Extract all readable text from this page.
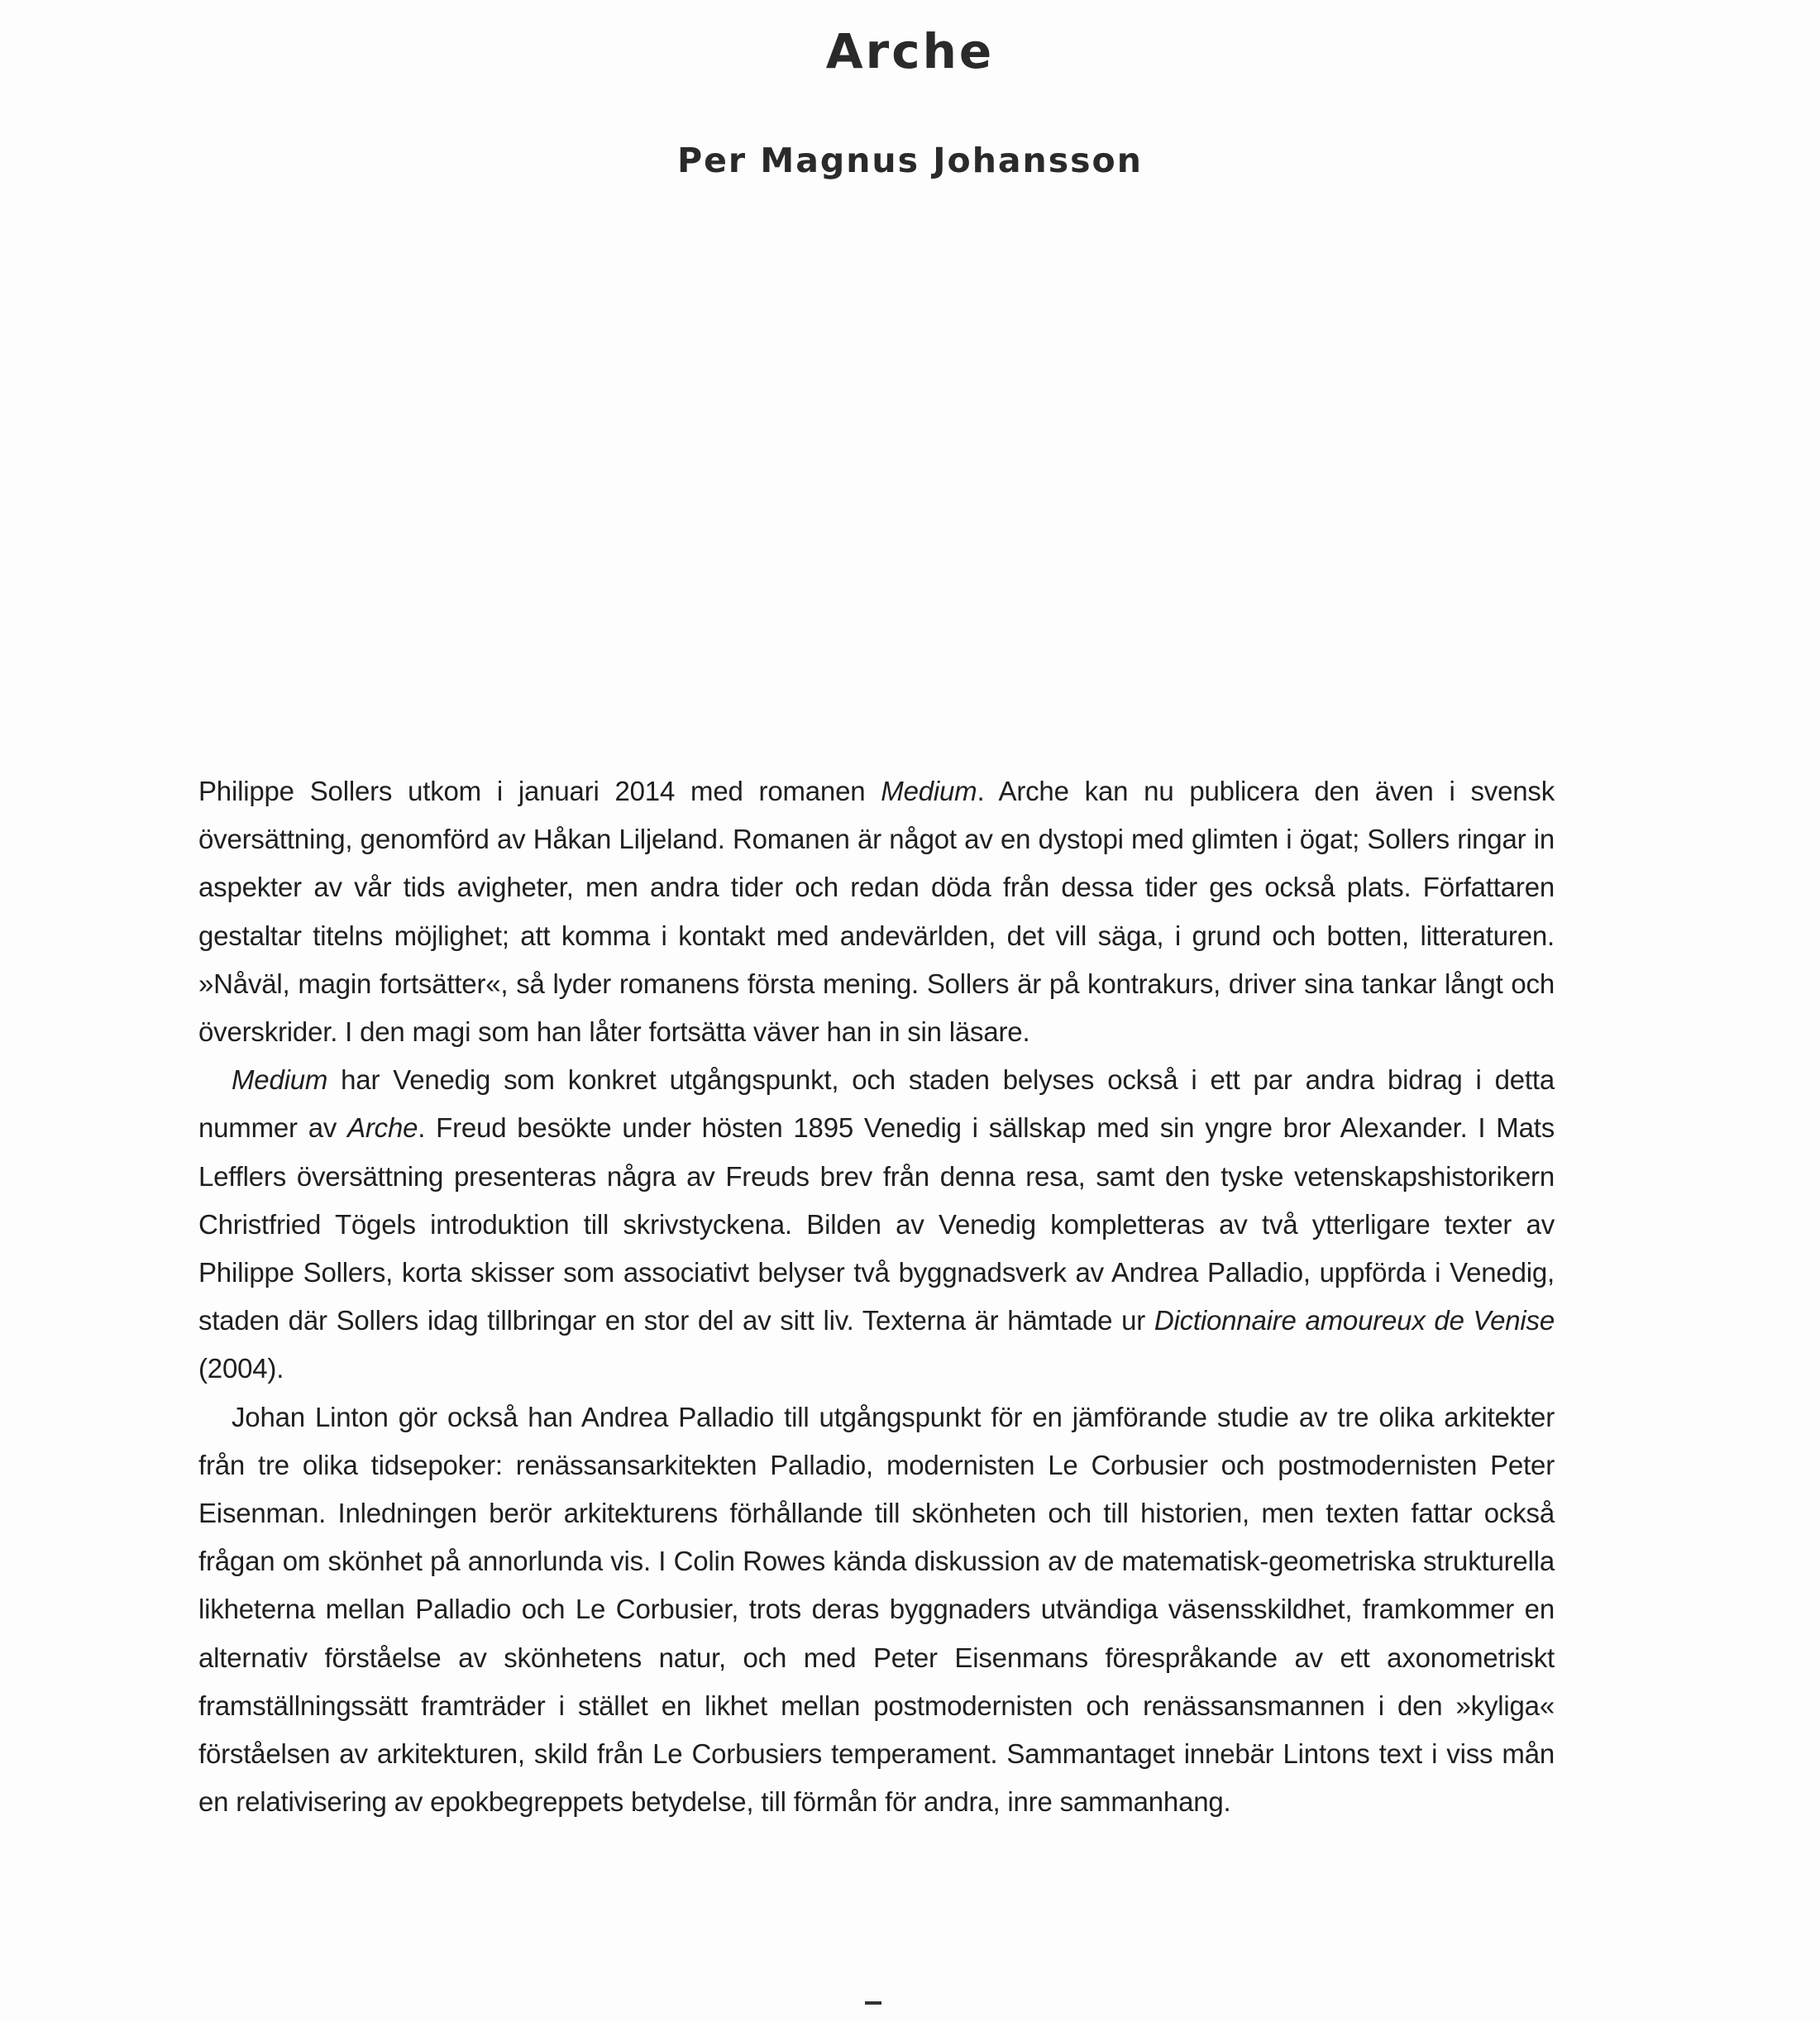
Arche
Per Magnus Johansson

Philippe Sollers utkom i januari 2014 med romanen Medium. Arche kan nu publicera den även i svensk översättning, genomförd av Håkan Liljeland. Romanen är något av en dystopi med glimten i ögat; Sollers ringar in aspekter av vår tids avigheter, men andra tider och redan döda från dessa tider ges också plats. Författaren gestaltar titelns möjlighet; att komma i kontakt med andevärlden, det vill säga, i grund och botten, litteraturen. »Nåväl, magin fortsätter«, så lyder romanens första mening. Sollers är på kontrakurs, driver sina tankar långt och överskrider. I den magi som han låter fortsätta väver han in sin läsare.

Medium har Venedig som konkret utgångspunkt, och staden belyses också i ett par andra bidrag i detta nummer av Arche. Freud besökte under hösten 1895 Venedig i sällskap med sin yngre bror Alexander. I Mats Lefflers översättning presenteras några av Freuds brev från denna resa, samt den tyske vetenskapshistorikern Christfried Tögels introduktion till skrivstyckena. Bilden av Venedig kompletteras av två ytterligare texter av Philippe Sollers, korta skisser som associativt belyser två byggnadsverk av Andrea Palladio, uppförda i Venedig, staden där Sollers idag tillbringar en stor del av sitt liv. Texterna är hämtade ur Dictionnaire amoureux de Venise (2004).

Johan Linton gör också han Andrea Palladio till utgångspunkt för en jämförande studie av tre olika arkitekter från tre olika tidsepoker: renässansarkitekten Palladio, modernisten Le Corbusier och postmodernisten Peter Eisenman. Inledningen berör arkitekturens förhållande till skönheten och till historien, men texten fattar också frågan om skönhet på annorlunda vis. I Colin Rowes kända diskussion av de matematisk-geometriska strukturella likheterna mellan Palladio och Le Corbusier, trots deras byggnaders utvändiga väsensskildhet, framkommer en alternativ förståelse av skönhetens natur, och med Peter Eisenmans förespråkande av ett axonometriskt framställningssätt framträder i stället en likhet mellan postmodernisten och renässansmannen i den »kyliga« förståelsen av arkitekturen, skild från Le Corbusiers temperament. Sammantaget innebär Lintons text i viss mån en relativisering av epokbegreppets betydelse, till förmån för andra, inre sammanhang.
